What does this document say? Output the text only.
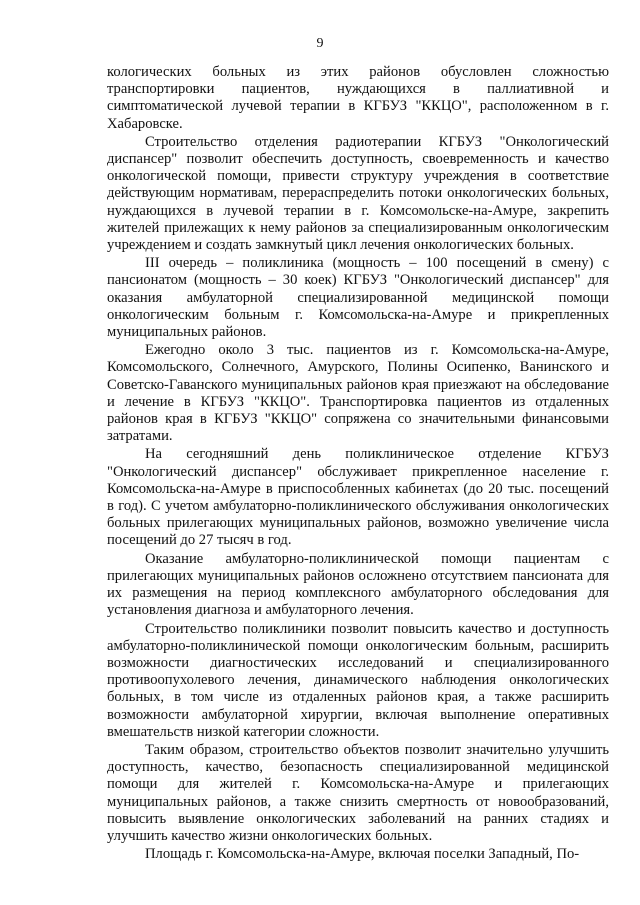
9

кологических больных из этих районов обусловлен сложностью транспортировки пациентов, нуждающихся в паллиативной и симптоматической лучевой терапии в КГБУЗ "ККЦО", расположенном в г. Хабаровске.

Строительство отделения радиотерапии КГБУЗ "Онкологический диспансер" позволит обеспечить доступность, своевременность и качество онкологической помощи, привести структуру учреждения в соответствие действующим нормативам, перераспределить потоки онкологических больных, нуждающихся в лучевой терапии в г. Комсомольске-на-Амуре, закрепить жителей прилежащих к нему районов за специализированным онкологическим учреждением и создать замкнутый цикл лечения онкологических больных.

III очередь – поликлиника (мощность – 100 посещений в смену) с пансионатом (мощность – 30 коек) КГБУЗ "Онкологический диспансер" для оказания амбулаторной специализированной медицинской помощи онкологическим больным г. Комсомольска-на-Амуре и прикрепленных муниципальных районов.

Ежегодно около 3 тыс. пациентов из г. Комсомольска-на-Амуре, Комсомольского, Солнечного, Амурского, Полины Осипенко, Ванинского и Советско-Гаванского муниципальных районов края приезжают на обследование и лечение в КГБУЗ "ККЦО". Транспортировка пациентов из отдаленных районов края в КГБУЗ "ККЦО" сопряжена со значительными финансовыми затратами.

На сегодняшний день поликлиническое отделение КГБУЗ "Онкологический диспансер" обслуживает прикрепленное население г. Комсомольска-на-Амуре в приспособленных кабинетах (до 20 тыс. посещений в год). С учетом амбулаторно-поликлинического обслуживания онкологических больных прилегающих муниципальных районов, возможно увеличение числа посещений до 27 тысяч в год.

Оказание амбулаторно-поликлинической помощи пациентам с прилегающих муниципальных районов осложнено отсутствием пансионата для их размещения на период комплексного амбулаторного обследования для установления диагноза и амбулаторного лечения.

Строительство поликлиники позволит повысить качество и доступность амбулаторно-поликлинической помощи онкологическим больным, расширить возможности диагностических исследований и специализированного противоопухолевого лечения, динамического наблюдения онкологических больных, в том числе из отдаленных районов края, а также расширить возможности амбулаторной хирургии, включая выполнение оперативных вмешательств низкой категории сложности.

Таким образом, строительство объектов позволит значительно улучшить доступность, качество, безопасность специализированной медицинской помощи для жителей г. Комсомольска-на-Амуре и прилегающих муниципальных районов, а также снизить смертность от новообразований, повысить выявление онкологических заболеваний на ранних стадиях и улучшить качество жизни онкологических больных.

Площадь г. Комсомольска-на-Амуре, включая поселки Западный, По-
